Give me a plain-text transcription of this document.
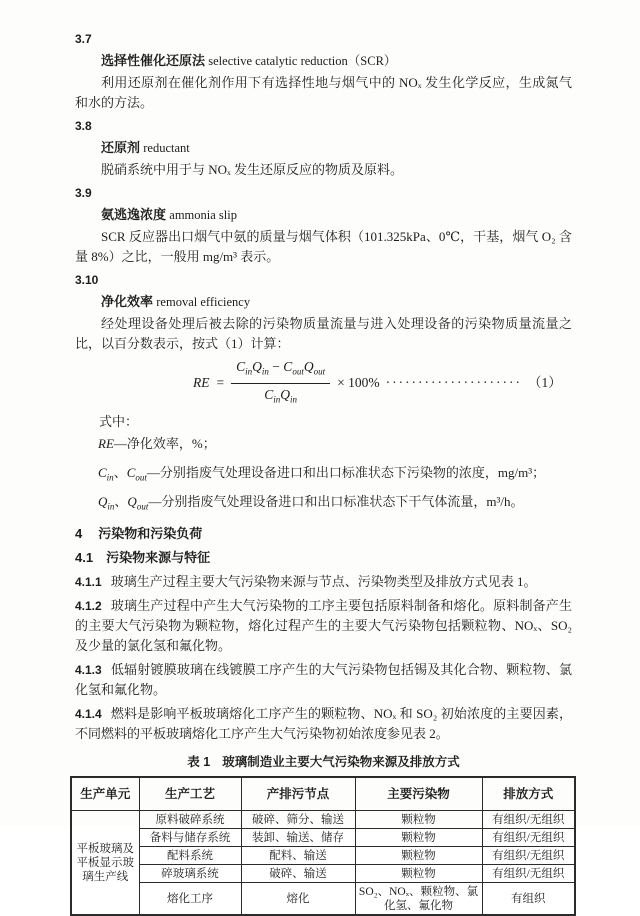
3.7
选择性催化还原法 selective catalytic reduction（SCR）

利用还原剂在催化剂作用下有选择性地与烟气中的 NOₓ 发生化学反应，生成氮气和水的方法。

3.8
还原剂 reductant

脱硝系统中用于与 NOₓ 发生还原反应的物质及原料。

3.9
氨逃逸浓度 ammonia slip

SCR 反应器出口烟气中氨的质量与烟气体积（101.325kPa、0℃，干基，烟气 O₂ 含量 8%）之比，一般用 mg/m³ 表示。

3.10
净化效率 removal efficiency

经处理设备处理后被去除的污染物质量流量与进入处理设备的污染物质量流量之比，以百分数表示，按式（1）计算：

RE = $\frac{C_{in}Q_{in} - C_{out}Q_{out}}{C_{in}Q_{in}} \times 100\%$ ····················· （1）
式中：

RE—净化效率，%；

$C_{in}$、$C_{out}—$分别指废气处理设备进口和出口标准状态下污染物的浓度，mg/m³；

$Q_{in}$、$Q_{out}—$分别指废气处理设备进口和出口标准状态下干气体流量，m³/h。

4 污染物和污染负荷
4.1 污染物来源与特征

4.1.1 玻璃生产过程主要大气污染物来源与节点、污染物类型及排放方式见表 1。

4.1.2 玻璃生产过程中产生大气污染物的工序主要包括原料制备和熔化。原料制备产生的主要大气污染物为颗粒物，熔化过程产生的主要大气污染物包括颗粒物、NOₓ、SO₂ 及少量的氯化氢和氟化物。

4.1.3 低辐射镀膜玻璃在线镀膜工序产生的大气污染物包括锡及其化合物、颗粒物、氯化氢和氟化物。

4.1.4 燃料是影响平板玻璃熔化工序产生的颗粒物、NOₓ 和 SO₂ 初始浓度的主要因素，不同燃料的平板玻璃熔化工序产生大气污染物初始浓度参见表 2。

表 1 玻璃制造业主要大气污染物来源及排放方式
生产单元	生产工艺	产排污节点	主要污染物	排放方式
平板玻璃及平板显示玻璃生产线	原料破碎系统	破碎、筛分、输送	颗粒物	有组织/无组织
	备料与储存系统	装卸、输送、储存	颗粒物	有组织/无组织
	配料系统	配料、输送	颗粒物	有组织/无组织
	碎玻璃系统	破碎、输送	颗粒物	有组织/无组织
	熔化工序	熔化	SO₂、NOₓ、颗粒物、氯化氢、氟化物	有组织
